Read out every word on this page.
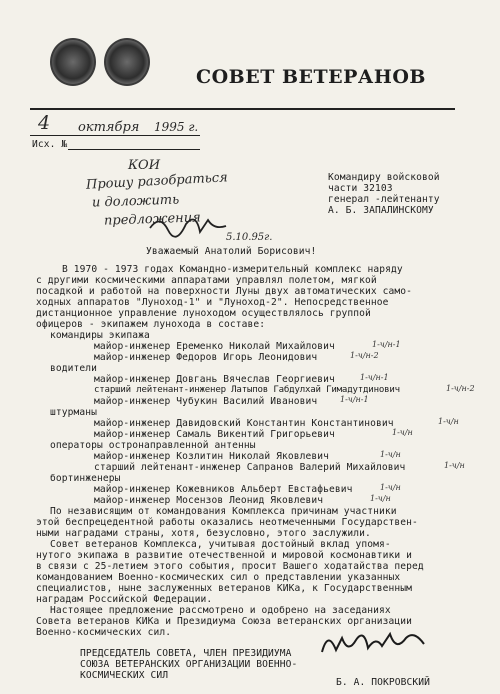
СОВЕТ ВЕТЕРАНОВ
4 октября 1995 г.
Исх. №
КОИ
Прошу разобраться
и доложить
предложения
5.10.95г.
Командиру войсковой
части 32103
генерал -лейтенанту
А. Б. ЗАПАЛИНСКОМУ
Уважаемый Анатолий Борисович!
В 1970 - 1973 годах Командно-измерительный комплекс наряду
с другими космическими аппаратами управлял полетом, мягкой
посадкой и работой на поверхности Луны двух автоматических само-
ходных аппаратов "Луноход-1" и "Луноход-2". Непосредственное
дистанционное управление луноходом осуществлялось группой
офицеров - экипажем лунохода в составе:
командиры экипажа
майор-инженер Еременко Николай Михайлович	1-ч/н-1
майор-инженер Федоров Игорь Леонидович	1-ч/н-2
водители
майор-инженер Довгань Вячеслав Георгиевич	1-ч/н-1
старший лейтенант-инженер Латыпов Габдулхай Гимадутдинович	1-ч/н-2
майор-инженер Чубукин Василий Иванович	1-ч/н-1
штурманы
майор-инженер Давидовский Константин Константинович	1-ч/н
майор-инженер Самаль Викентий Григорьевич	1-ч/н
операторы остронаправленной антенны
майор-инженер Козлитин Николай Яковлевич	1-ч/н
старший лейтенант-инженер Сапранов Валерий Михайлович	1-ч/н
бортинженеры
майор-инженер Кожевников Альберт Евстафьевич	1-ч/н
майор-инженер Мосензов Леонид Яковлевич	1-ч/н
По независящим от командования Комплекса причинам участники
этой беспрецедентной работы оказались неотмеченными Государствен-
ными наградами страны, хотя, безусловно, этого заслужили.
Совет ветеранов Комплекса, учитывая достойный вклад упомя-
нутого экипажа в развитие отечественной и мировой космонавтики и
в связи с 25-летием этого события, просит Вашего ходатайства перед
командованием Военно-космических сил о представлении указанных
специалистов, ныне заслуженных ветеранов КИКа, к Государственным
наградам Российской Федерации.
Настоящее предложение рассмотрено и одобрено на заседаниях
Совета ветеранов КИКа и Президиума Союза ветеранских организации
Военно-космических сил.
ПРЕДСЕДАТЕЛЬ СОВЕТА, ЧЛЕН ПРЕЗИДИУМА
СОЮЗА ВЕТЕРАНСКИХ ОРГАНИЗАЦИИ ВОЕННО-
КОСМИЧЕСКИХ СИЛ
Б. А. ПОКРОВСКИЙ
